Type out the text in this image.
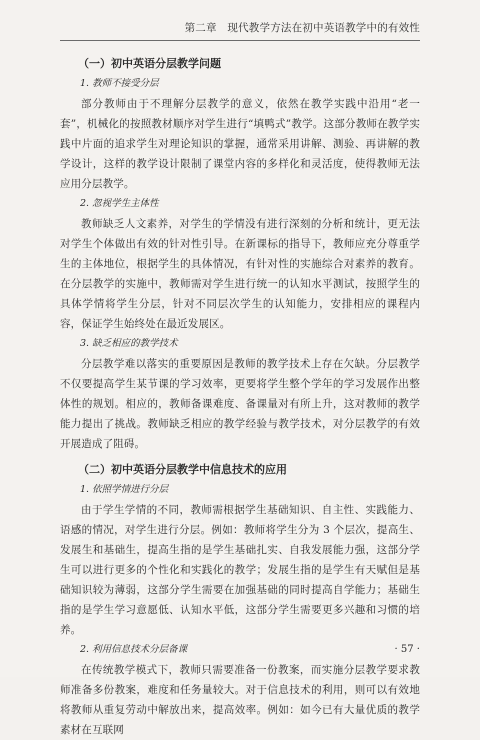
第二章　现代教学方法在初中英语教学中的有效性
（一）初中英语分层教学问题
1. 教师不接受分层

部分教师由于不理解分层教学的意义，依然在教学实践中沿用“老一套”，机械化的按照教材顺序对学生进行“填鸭式”教学。这部分教师在教学实践中片面的追求学生对理论知识的掌握，通常采用讲解、测验、再讲解的教学设计，这样的教学设计限制了课堂内容的多样化和灵活度，使得教师无法应用分层教学。

2. 忽视学生主体性

教师缺乏人文素养，对学生的学情没有进行深刻的分析和统计，更无法对学生个体做出有效的针对性引导。在新课标的指导下，教师应充分尊重学生的主体地位，根据学生的具体情况，有针对性的实施综合对素养的教育。在分层教学的实施中，教师需对学生进行统一的认知水平测试，按照学生的具体学情将学生分层，针对不同层次学生的认知能力，安排相应的课程内容，保证学生始终处在最近发展区。

3. 缺乏相应的教学技术

分层教学难以落实的重要原因是教师的教学技术上存在欠缺。分层教学不仅要提高学生某节课的学习效率，更要将学生整个学年的学习发展作出整体性的规划。相应的，教师备课难度、备课量对有所上升，这对教师的教学能力提出了挑战。教师缺乏相应的教学经验与教学技术，对分层教学的有效开展造成了阻碍。

（二）初中英语分层教学中信息技术的应用
1. 依照学情进行分层

由于学生学情的不同，教师需根据学生基础知识、自主性、实践能力、语感的情况，对学生进行分层。例如：教师将学生分为 3 个层次，提高生、发展生和基础生，提高生指的是学生基础扎实、自我发展能力强，这部分学生可以进行更多的个性化和实践化的教学；发展生指的是学生有天赋但是基础知识较为薄弱，这部分学生需要在加强基础的同时提高自学能力；基础生指的是学生学习意愿低、认知水平低，这部分学生需要更多兴趣和习惯的培养。

2. 利用信息技术分层备课

在传统教学模式下，教师只需要准备一份教案，而实施分层教学要求教师准备多份教案，难度和任务量较大。对于信息技术的利用，则可以有效地将教师从重复劳动中解放出来，提高效率。例如：如今已有大量优质的教学素材在互联网

· 57 ·
